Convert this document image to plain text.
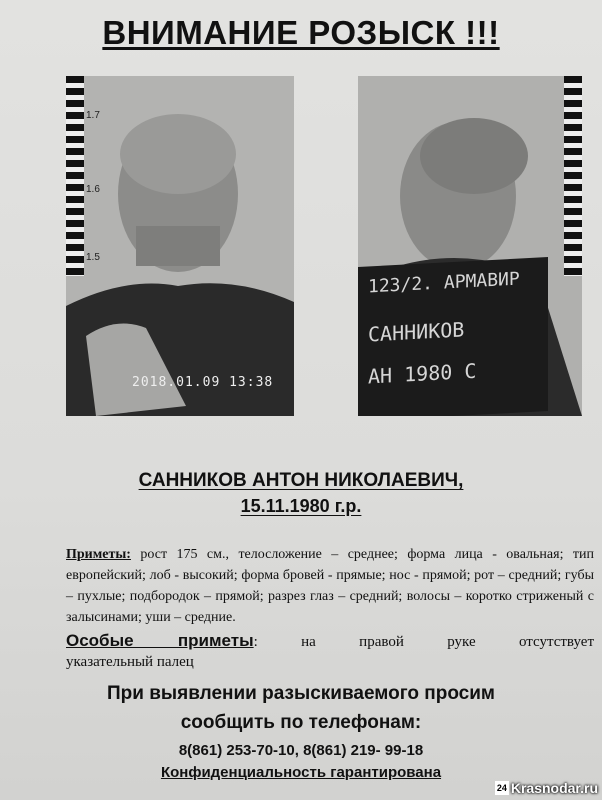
ВНИМАНИЕ РОЗЫСК !!!
1.7
1.6
1.5
2018.01.09 13:38
123/2. АРМАВИР
САННИКОВ
АН 1980 С
САННИКОВ АНТОН НИКОЛАЕВИЧ,
15.11.1980 г.р.
Приметы: рост 175 см., телосложение – среднее; форма лица - овальная; тип европейский; лоб - высокий; форма бровей - прямые; нос - прямой; рот – средний; губы – пухлые; подбородок – прямой; разрез глаз – средний; волосы – коротко стриженый с залысинами; уши – средние.
Особые приметы: на правой руке отсутствует
указательный палец
При выявлении разыскиваемого просим
сообщить по телефонам:
8(861) 253-70-10, 8(861) 219- 99-18
Конфиденциальность гарантирована
24 Krasnodar.ru
